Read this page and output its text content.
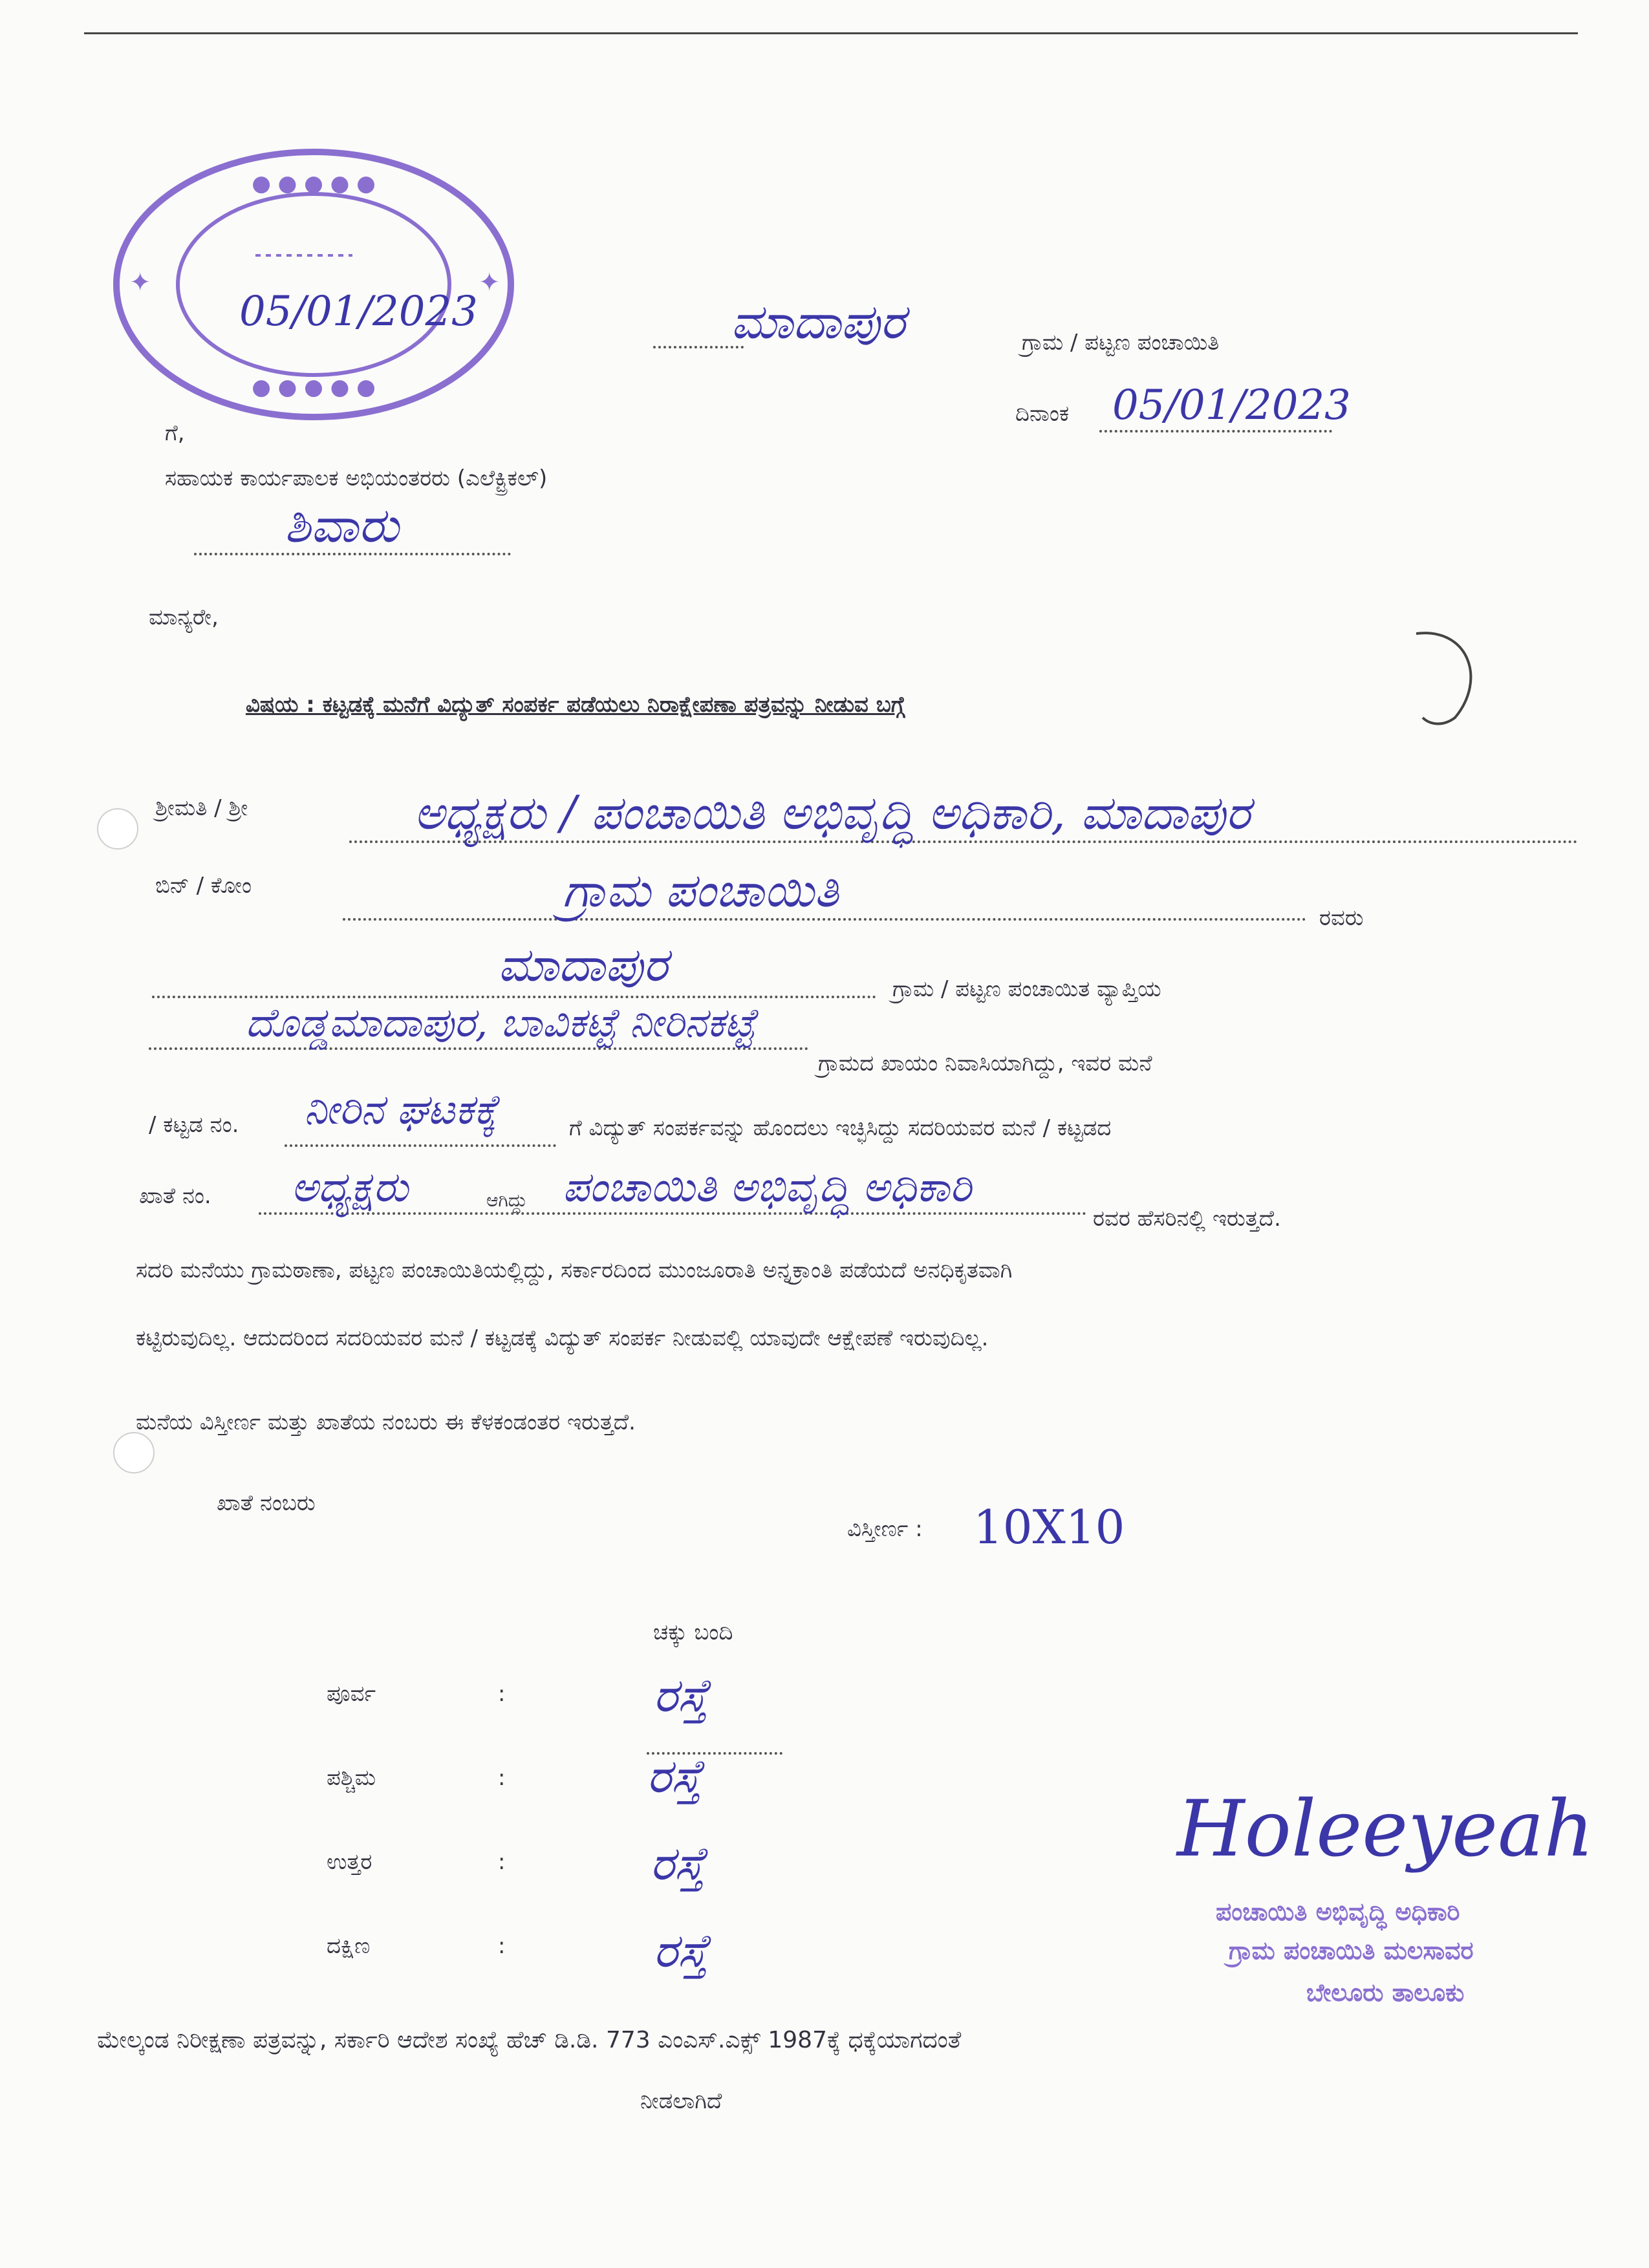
● ● ● ● ●
● ● ● ● ●
✦	✦
05/01/2023
ಗೆ,
ಮಾದಾಪುರ	ಗ್ರಾಮ / ಪಟ್ಟಣ ಪಂಚಾಯಿತಿ
ದಿನಾಂಕ 05/01/2023
ಸಹಾಯಕ ಕಾರ್ಯಪಾಲಕ ಅಭಿಯಂತರರು (ಎಲೆಕ್ಟ್ರಿಕಲ್)
ಶಿವಾರು
ಮಾನ್ಯರೇ,
ವಿಷಯ : ಕಟ್ಟಡಕ್ಕೆ ಮನೆಗೆ ವಿದ್ಯುತ್ ಸಂಪರ್ಕ ಪಡೆಯಲು ನಿರಾಕ್ಷೇಪಣಾ ಪತ್ರವನ್ನು ನೀಡುವ ಬಗ್ಗೆ
ಶ್ರೀಮತಿ / ಶ್ರೀ	ಅಧ್ಯಕ್ಷರು / ಪಂಚಾಯಿತಿ ಅಭಿವೃದ್ಧಿ ಅಧಿಕಾರಿ, ಮಾದಾಪುರ
ಬಿನ್ / ಕೋಂ	ಗ್ರಾಮ ಪಂಚಾಯಿತಿ
ರವರು
ಮಾದಾಪುರ	ಗ್ರಾಮ / ಪಟ್ಟಣ ಪಂಚಾಯಿತ ವ್ಯಾಪ್ತಿಯ
ದೊಡ್ಡಮಾದಾಪುರ, ಬಾವಿಕಟ್ಟೆ ನೀರಿನಕಟ್ಟೆ
ಗ್ರಾಮದ ಖಾಯಂ ನಿವಾಸಿಯಾಗಿದ್ದು, ಇವರ ಮನೆ
/ ಕಟ್ಟಡ ನಂ. ನೀರಿನ ಘಟಕಕ್ಕೆ	ಗೆ ವಿದ್ಯುತ್ ಸಂಪರ್ಕವನ್ನು ಹೊಂದಲು ಇಚ್ಛಿಸಿದ್ದು ಸದರಿಯವರ ಮನೆ / ಕಟ್ಟಡದ
ಖಾತೆ ನಂ. ಅಧ್ಯಕ್ಷರು	ಆಗಿದ್ದು ಪಂಚಾಯಿತಿ ಅಭಿವೃದ್ಧಿ ಅಧಿಕಾರಿ
ರವರ ಹೆಸರಿನಲ್ಲಿ ಇರುತ್ತದೆ.
ಸದರಿ ಮನೆಯು ಗ್ರಾಮಠಾಣಾ, ಪಟ್ಟಣ ಪಂಚಾಯಿತಿಯಲ್ಲಿದ್ದು, ಸರ್ಕಾರದಿಂದ ಮುಂಜೂರಾತಿ ಅನ್ನಕ್ರಾಂತಿ ಪಡೆಯದೆ ಅನಧಿಕೃತವಾಗಿ
ಕಟ್ಟಿರುವುದಿಲ್ಲ. ಆದುದರಿಂದ ಸದರಿಯವರ ಮನೆ / ಕಟ್ಟಡಕ್ಕೆ ವಿದ್ಯುತ್ ಸಂಪರ್ಕ ನೀಡುವಲ್ಲಿ ಯಾವುದೇ ಆಕ್ಷೇಪಣೆ ಇರುವುದಿಲ್ಲ.
ಮನೆಯ ವಿಸ್ತೀರ್ಣ ಮತ್ತು ಖಾತೆಯ ನಂಬರು ಈ ಕೆಳಕಂಡಂತರ ಇರುತ್ತದೆ.
ಖಾತೆ ನಂಬರು
ವಿಸ್ತೀರ್ಣ : 10X10
ಚಕ್ಕು ಬಂದಿ
ಪೂರ್ವ	:	ರಸ್ತೆ
ಪಶ್ಚಿಮ	:	ರಸ್ತೆ
ಉತ್ತರ	:	ರಸ್ತೆ
ದಕ್ಷಿಣ	:	ರಸ್ತೆ
Holeeyeah
ಪಂಚಾಯಿತಿ ಅಭಿವೃದ್ಧಿ ಅಧಿಕಾರಿ
ಗ್ರಾಮ ಪಂಚಾಯಿತಿ ಮಲಸಾವರ
ಬೇಲೂರು ತಾಲೂಕು
ಮೇಲ್ಕಂಡ ನಿರೀಕ್ಷಣಾ ಪತ್ರವನ್ನು, ಸರ್ಕಾರಿ ಆದೇಶ ಸಂಖ್ಯೆ ಹೆಚ್ ಡಿ.ಡಿ. 773 ಎಂಎಸ್.ಎಕ್ಸ್ 1987ಕ್ಕೆ ಧಕ್ಕೆಯಾಗದಂತೆ
ನೀಡಲಾಗಿದೆ
